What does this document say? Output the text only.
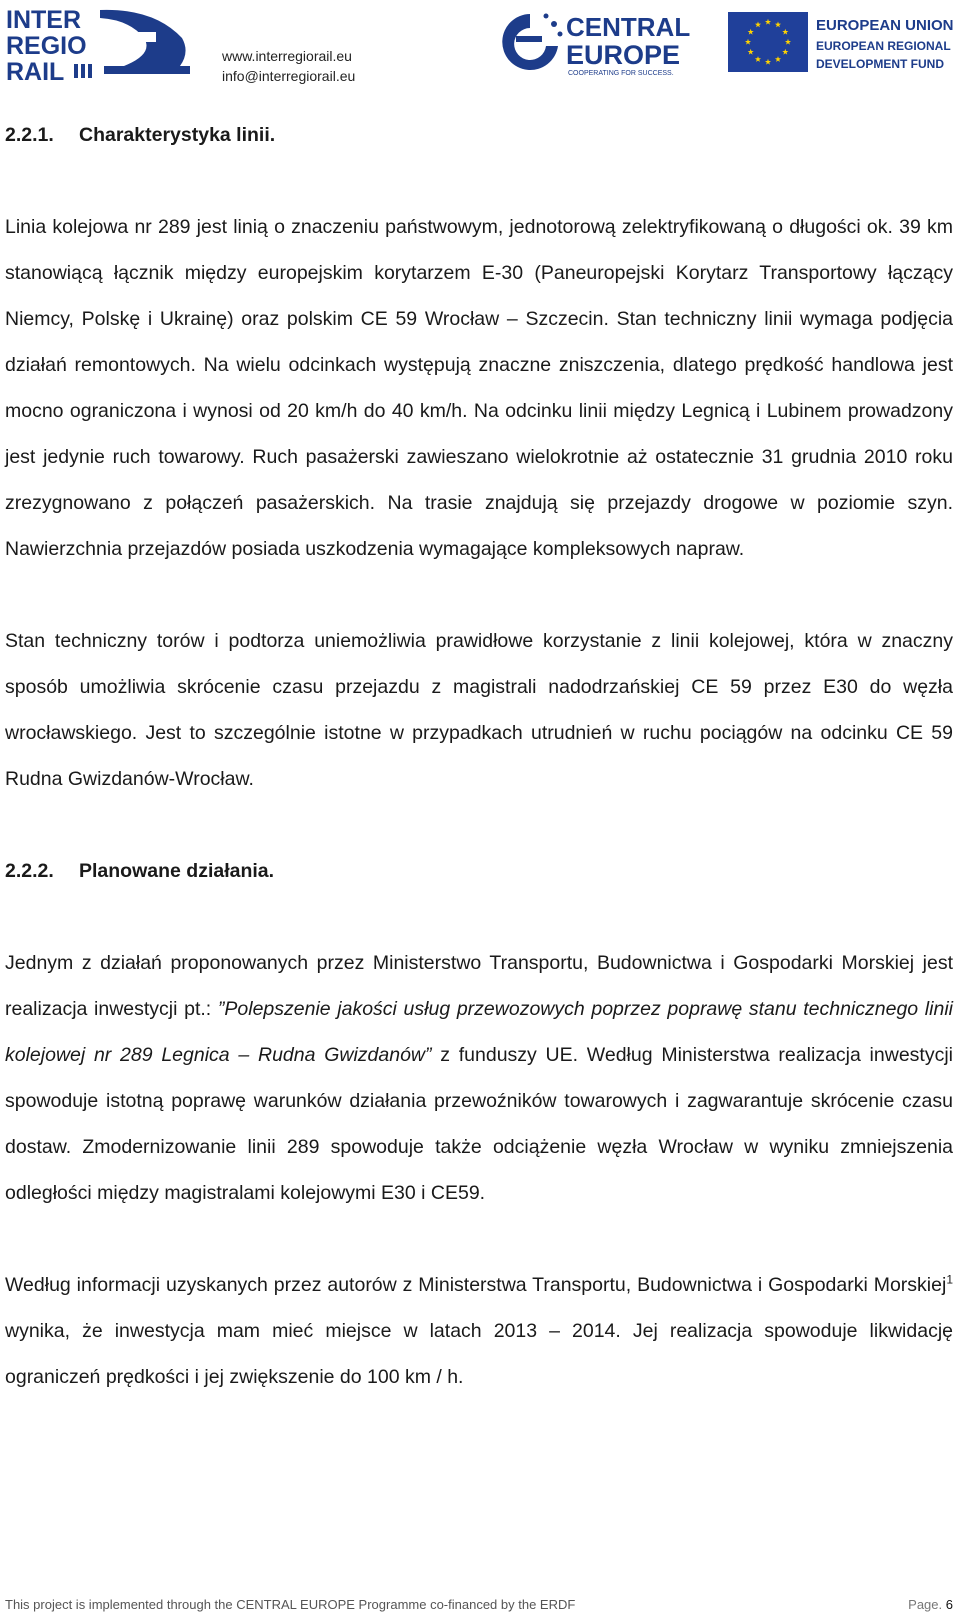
INTER
REGIO
RAIL
www.interregiorail.eu
info@interregiorail.eu
CENTRAL
EUROPE
COOPERATING FOR SUCCESS.
EUROPEAN UNION
EUROPEAN REGIONAL
DEVELOPMENT FUND

2.2.1. Charakterystyka linii.

Linia kolejowa nr 289 jest linią o znaczeniu państwowym, jednotorową zelektryfikowaną o długości ok. 39 km stanowiącą łącznik między europejskim korytarzem E-30 (Paneuropejski Korytarz Transportowy łączący Niemcy, Polskę i Ukrainę) oraz polskim CE 59 Wrocław – Szczecin. Stan techniczny linii wymaga podjęcia działań remontowych. Na wielu odcinkach występują znaczne zniszczenia, dlatego prędkość handlowa jest mocno ograniczona i wynosi od 20 km/h do 40 km/h. Na odcinku linii między Legnicą i Lubinem prowadzony jest jedynie ruch towarowy. Ruch pasażerski zawieszano wielokrotnie aż ostatecznie 31 grudnia 2010 roku zrezygnowano z połączeń pasażerskich. Na trasie znajdują się przejazdy drogowe w poziomie szyn. Nawierzchnia przejazdów posiada uszkodzenia wymagające kompleksowych napraw.

Stan techniczny torów i podtorza uniemożliwia prawidłowe korzystanie z linii kolejowej, która w znaczny sposób umożliwia skrócenie czasu przejazdu z magistrali nadodrzańskiej CE 59 przez E30 do węzła wrocławskiego. Jest to szczególnie istotne w przypadkach utrudnień w ruchu pociągów na odcinku CE 59 Rudna Gwizdanów-Wrocław.

2.2.2. Planowane działania.

Jednym z działań proponowanych przez Ministerstwo Transportu, Budownictwa i Gospodarki Morskiej jest realizacja inwestycji pt.: ”Polepszenie jakości usług przewozowych poprzez poprawę stanu technicznego linii kolejowej nr 289 Legnica – Rudna Gwizdanów” z funduszy UE. Według Ministerstwa realizacja inwestycji spowoduje istotną poprawę warunków działania przewoźników towarowych i zagwarantuje skrócenie czasu dostaw. Zmodernizowanie linii 289 spowoduje także odciążenie węzła Wrocław w wyniku zmniejszenia odległości między magistralami kolejowymi E30 i CE59.

Według informacji uzyskanych przez autorów z Ministerstwa Transportu, Budownictwa i Gospodarki Morskiej$^1$ wynika, że inwestycja mam mieć miejsce w latach 2013 – 2014. Jej realizacja spowoduje likwidację ograniczeń prędkości i jej zwiększenie do 100 km / h.

This project is implemented through the CENTRAL EUROPE Programme co-financed by the ERDF	Page. 6
